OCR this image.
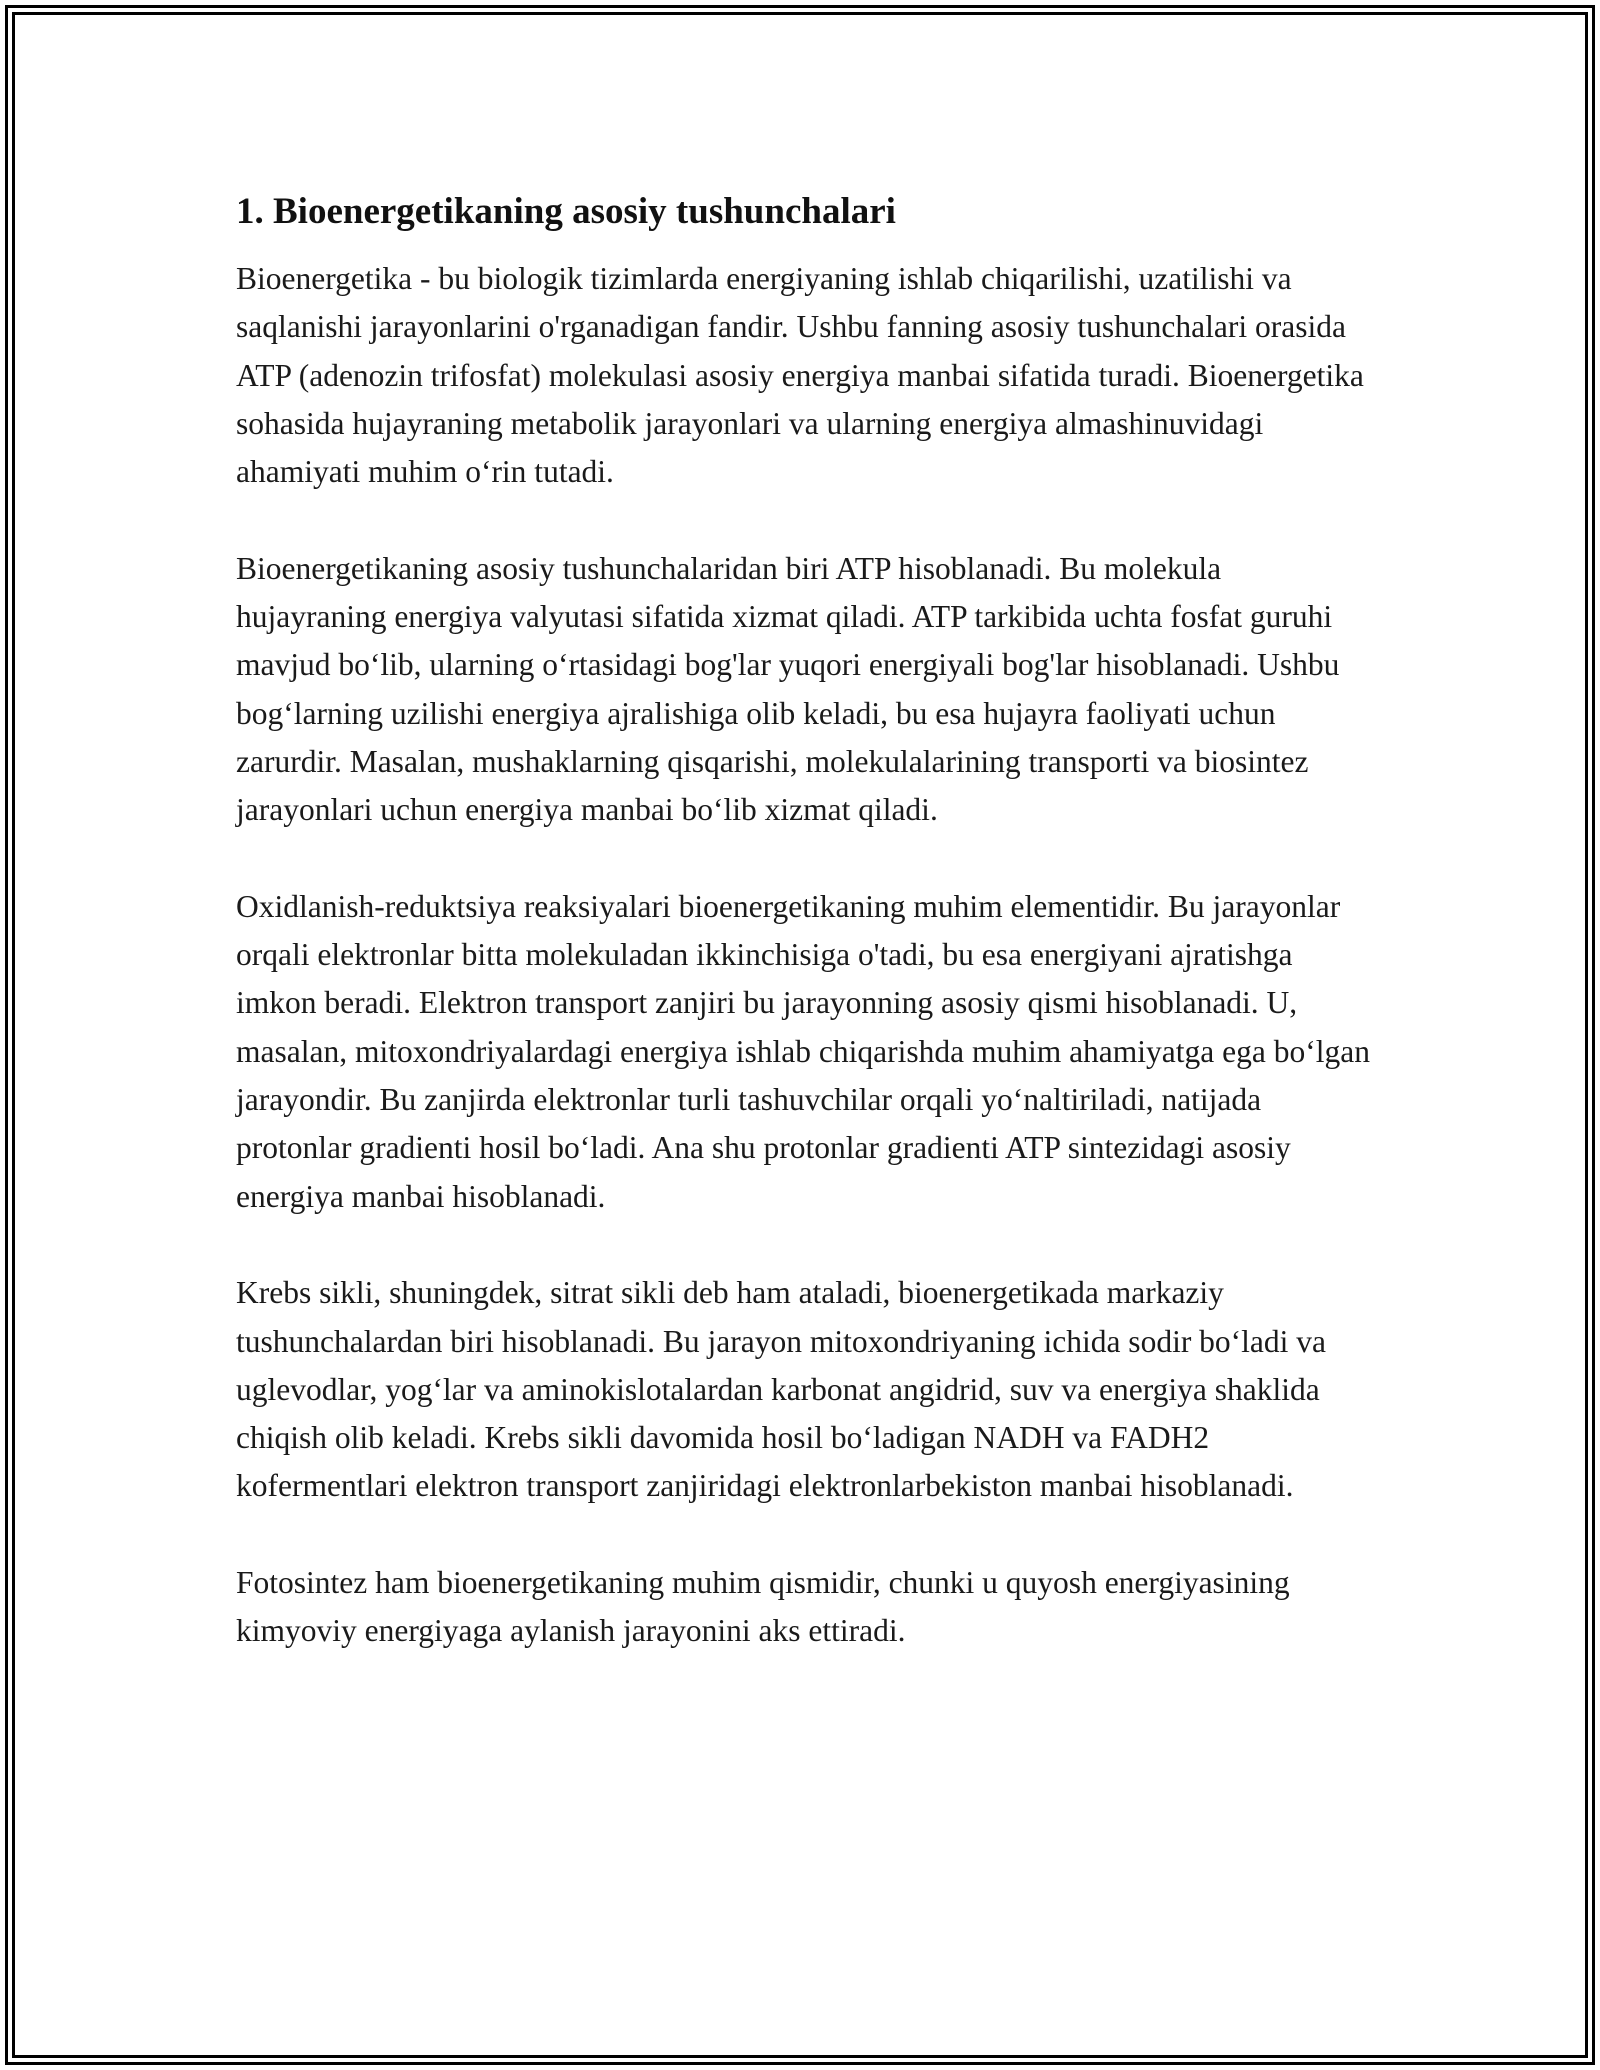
1. Bioenergetikaning asosiy tushunchalari

Bioenergetika - bu biologik tizimlarda energiyaning ishlab chiqarilishi, uzatilishi va saqlanishi jarayonlarini o'rganadigan fandir. Ushbu fanning asosiy tushunchalari orasida ATP (adenozin trifosfat) molekulasi asosiy energiya manbai sifatida turadi. Bioenergetika sohasida hujayraning metabolik jarayonlari va ularning energiya almashinuvidagi ahamiyati muhim o‘rin tutadi.

Bioenergetikaning asosiy tushunchalaridan biri ATP hisoblanadi. Bu molekula hujayraning energiya valyutasi sifatida xizmat qiladi. ATP tarkibida uchta fosfat guruhi mavjud bo‘lib, ularning o‘rtasidagi bog'lar yuqori energiyali bog'lar hisoblanadi. Ushbu bog‘larning uzilishi energiya ajralishiga olib keladi, bu esa hujayra faoliyati uchun zarurdir. Masalan, mushaklarning qisqarishi, molekulalarining transporti va biosintez jarayonlari uchun energiya manbai bo‘lib xizmat qiladi.

Oxidlanish-reduktsiya reaksiyalari bioenergetikaning muhim elementidir. Bu jarayonlar orqali elektronlar bitta molekuladan ikkinchisiga o'tadi, bu esa energiyani ajratishga imkon beradi. Elektron transport zanjiri bu jarayonning asosiy qismi hisoblanadi. U, masalan, mitoxondriyalardagi energiya ishlab chiqarishda muhim ahamiyatga ega bo‘lgan jarayondir. Bu zanjirda elektronlar turli tashuvchilar orqali yo‘naltiriladi, natijada protonlar gradienti hosil bo‘ladi. Ana shu protonlar gradienti ATP sintezidagi asosiy energiya manbai hisoblanadi.

Krebs sikli, shuningdek, sitrat sikli deb ham ataladi, bioenergetikada markaziy tushunchalardan biri hisoblanadi. Bu jarayon mitoxondriyaning ichida sodir bo‘ladi va uglevodlar, yog‘lar va aminokislotalardan karbonat angidrid, suv va energiya shaklida chiqish olib keladi. Krebs sikli davomida hosil bo‘ladigan NADH va FADH2 kofermentlari elektron transport zanjiridagi elektronlarbekiston manbai hisoblanadi.

Fotosintez ham bioenergetikaning muhim qismidir, chunki u quyosh energiyasining kimyoviy energiyaga aylanish jarayonini aks ettiradi.
